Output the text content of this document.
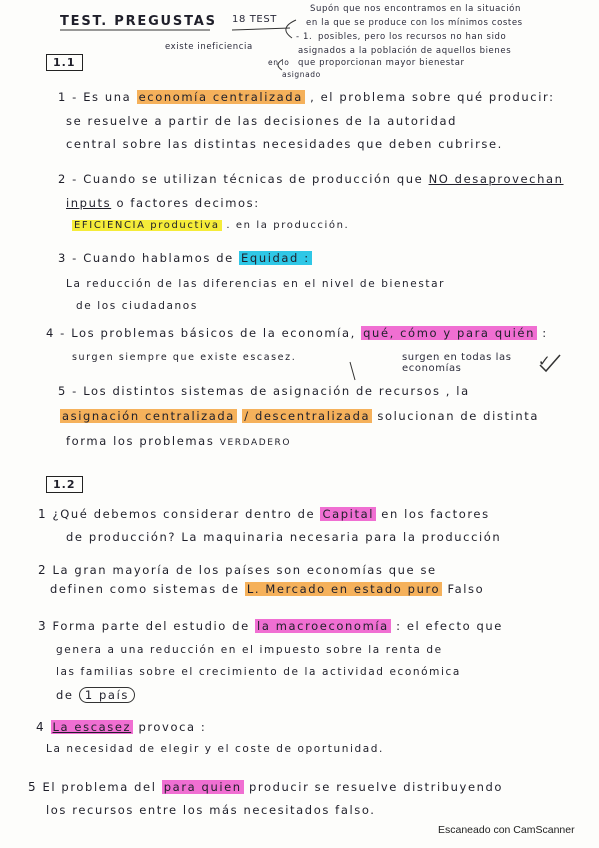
TEST. PREGUSTAS 18 TEST
Supón que nos encontramos en la situación
en la que se produce con los mínimos costes
- 1. posibles, pero los recursos no han sido
asignados a la población de aquellos bienes
que proporcionan mayor bienestar
en lo
asignado
existe ineficiencia
1.1
1 - Es una economía centralizada , el problema sobre qué producir:
se resuelve a partir de las decisiones de la autoridad
central sobre las distintas necesidades que deben cubrirse.
2 - Cuando se utilizan técnicas de producción que NO desaprovechan
inputs o factores decimos:
EFICIENCIA productiva . en la producción.
3 - Cuando hablamos de Equidad :
La reducción de las diferencias en el nivel de bienestar
de los ciudadanos
4 - Los problemas básicos de la economía, qué, cómo y para quién :
surgen siempre que existe escasez.	surgen en todas las economías	✓
5 - Los distintos sistemas de asignación de recursos , la
asignación centralizada / descentralizada solucionan de distinta
forma los problemas VERDADERO
1.2
1 ¿Qué debemos considerar dentro de Capital en los factores
de producción? La maquinaria necesaria para la producción
2 La gran mayoría de los países son economías que se
definen como sistemas de L. Mercado en estado puro Falso
3 Forma parte del estudio de la macroeconomía : el efecto que
genera a una reducción en el impuesto sobre la renta de
las familias sobre el crecimiento de la actividad económica
de 1 país
4 La escasez provoca :
La necesidad de elegir y el coste de oportunidad.
5 El problema del para quien producir se resuelve distribuyendo
los recursos entre los más necesitados falso.
Escaneado con CamScanner
